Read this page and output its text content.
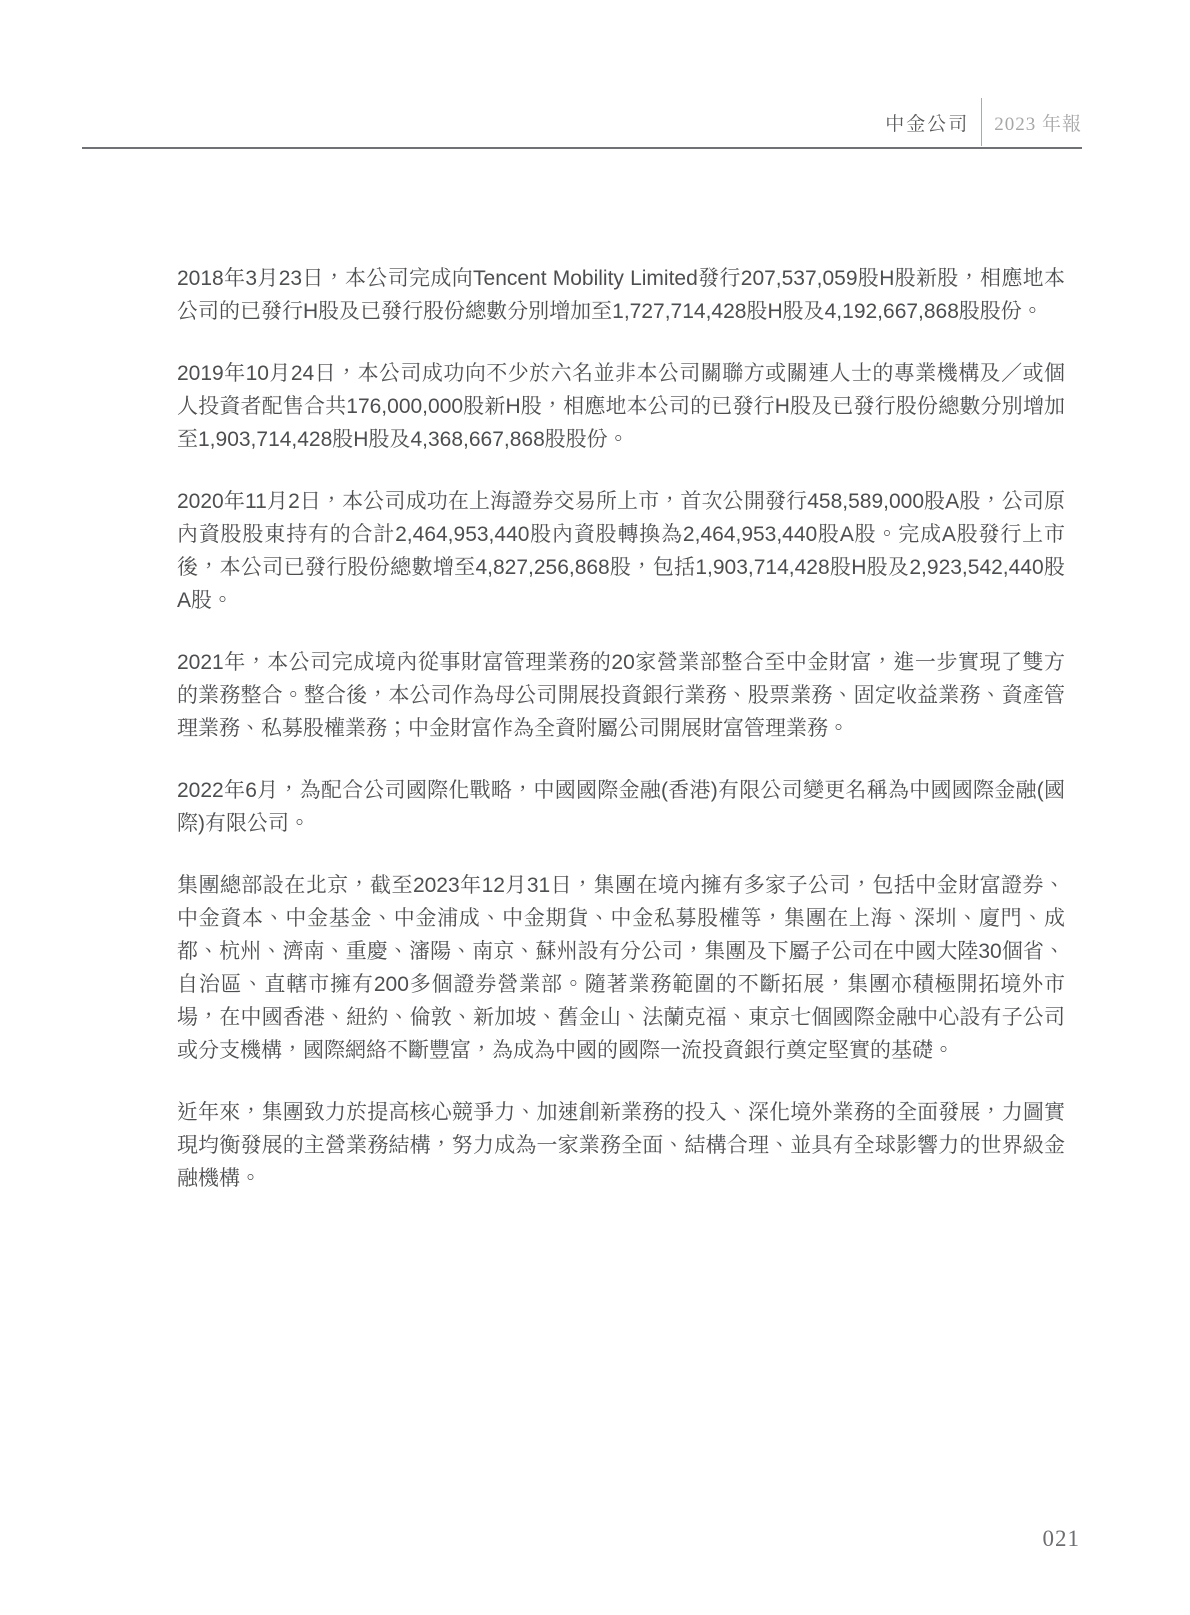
中金公司 2023 年報

2018年3月23日，本公司完成向Tencent Mobility Limited發行207,537,059股H股新股，相應地本公司的已發行H股及已發行股份總數分別增加至1,727,714,428股H股及4,192,667,868股股份。

2019年10月24日，本公司成功向不少於六名並非本公司關聯方或關連人士的專業機構及／或個人投資者配售合共176,000,000股新H股，相應地本公司的已發行H股及已發行股份總數分別增加至1,903,714,428股H股及4,368,667,868股股份。

2020年11月2日，本公司成功在上海證券交易所上市，首次公開發行458,589,000股A股，公司原內資股股東持有的合計2,464,953,440股內資股轉換為2,464,953,440股A股。完成A股發行上市後，本公司已發行股份總數增至4,827,256,868股，包括1,903,714,428股H股及2,923,542,440股A股。

2021年，本公司完成境內從事財富管理業務的20家營業部整合至中金財富，進一步實現了雙方的業務整合。整合後，本公司作為母公司開展投資銀行業務、股票業務、固定收益業務、資產管理業務、私募股權業務；中金財富作為全資附屬公司開展財富管理業務。

2022年6月，為配合公司國際化戰略，中國國際金融(香港)有限公司變更名稱為中國國際金融(國際)有限公司。

集團總部設在北京，截至2023年12月31日，集團在境內擁有多家子公司，包括中金財富證券、中金資本、中金基金、中金浦成、中金期貨、中金私募股權等，集團在上海、深圳、廈門、成都、杭州、濟南、重慶、瀋陽、南京、蘇州設有分公司，集團及下屬子公司在中國大陸30個省、自治區、直轄市擁有200多個證券營業部。隨著業務範圍的不斷拓展，集團亦積極開拓境外市場，在中國香港、紐約、倫敦、新加坡、舊金山、法蘭克福、東京七個國際金融中心設有子公司或分支機構，國際網絡不斷豐富，為成為中國的國際一流投資銀行奠定堅實的基礎。

近年來，集團致力於提高核心競爭力、加速創新業務的投入、深化境外業務的全面發展，力圖實現均衡發展的主營業務結構，努力成為一家業務全面、結構合理、並具有全球影響力的世界級金融機構。

021
